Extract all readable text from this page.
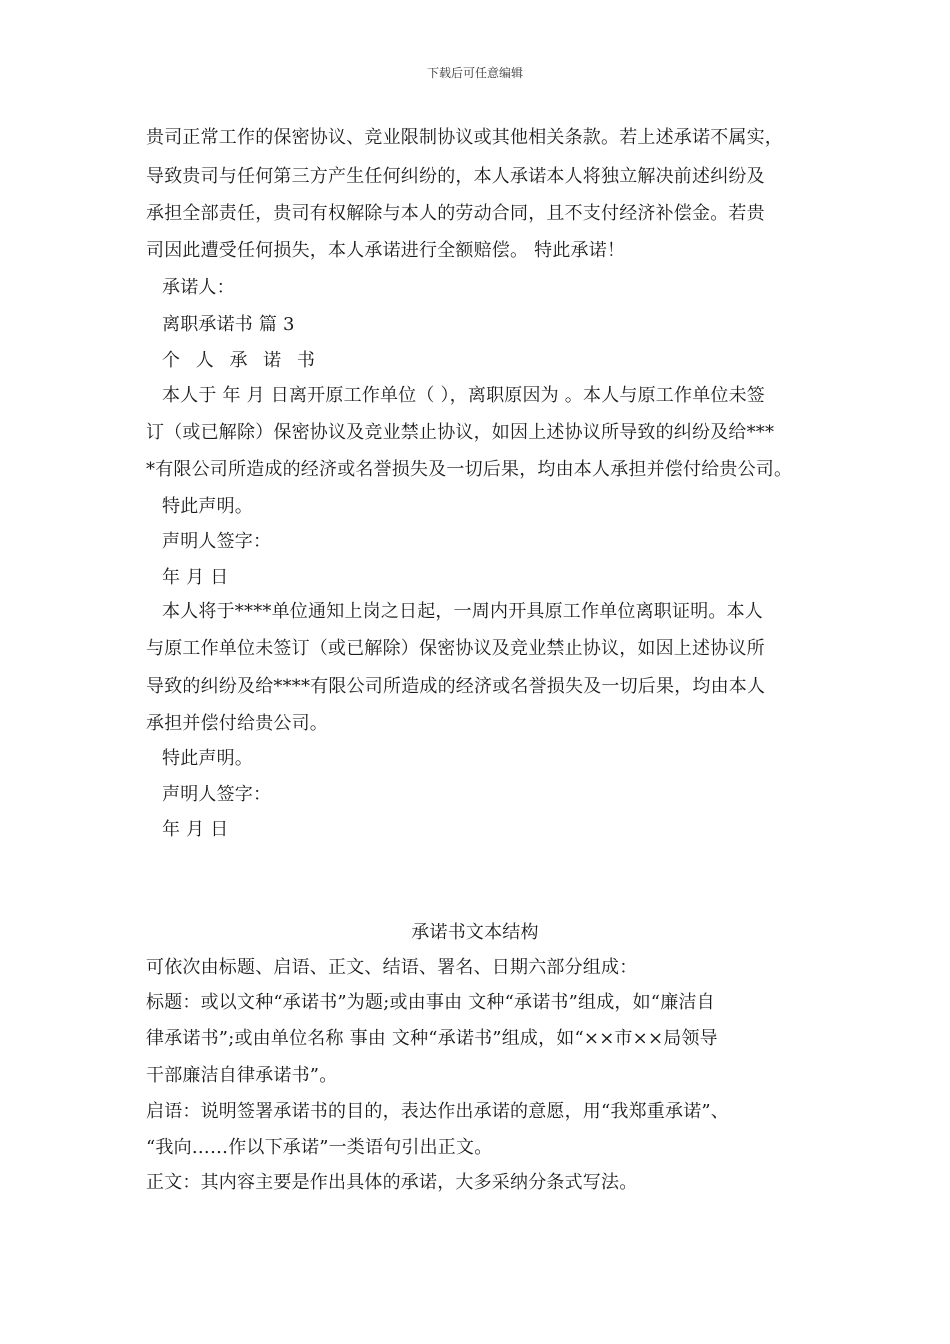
下载后可任意编辑
贵司正常工作的保密协议、竞业限制协议或其他相关条款。若上述承诺不属实，
导致贵司与任何第三方产生任何纠纷的，本人承诺本人将独立解决前述纠纷及
承担全部责任，贵司有权解除与本人的劳动合同，且不支付经济补偿金。若贵
司因此遭受任何损失，本人承诺进行全额赔偿。 特此承诺！
承诺人：
离职承诺书 篇 3
个 人 承 诺 书
本人于 年 月 日离开原工作单位（ ），离职原因为 。本人与原工作单位未签
订（或已解除）保密协议及竞业禁止协议，如因上述协议所导致的纠纷及给***
*有限公司所造成的经济或名誉损失及一切后果，均由本人承担并偿付给贵公司。
特此声明。
声明人签字：
年 月 日
本人将于****单位通知上岗之日起，一周内开具原工作单位离职证明。本人
与原工作单位未签订（或已解除）保密协议及竞业禁止协议，如因上述协议所
导致的纠纷及给****有限公司所造成的经济或名誉损失及一切后果，均由本人
承担并偿付给贵公司。
特此声明。
声明人签字：
年 月 日
承诺书文本结构
可依次由标题、启语、正文、结语、署名、日期六部分组成：
标题：或以文种“承诺书”为题;或由事由 文种“承诺书”组成，如“廉洁自
律承诺书”;或由单位名称 事由 文种“承诺书”组成，如“××市××局领导
干部廉洁自律承诺书”。
启语：说明签署承诺书的目的，表达作出承诺的意愿，用“我郑重承诺”、
“我向……作以下承诺”一类语句引出正文。
正文：其内容主要是作出具体的承诺，大多采纳分条式写法。
